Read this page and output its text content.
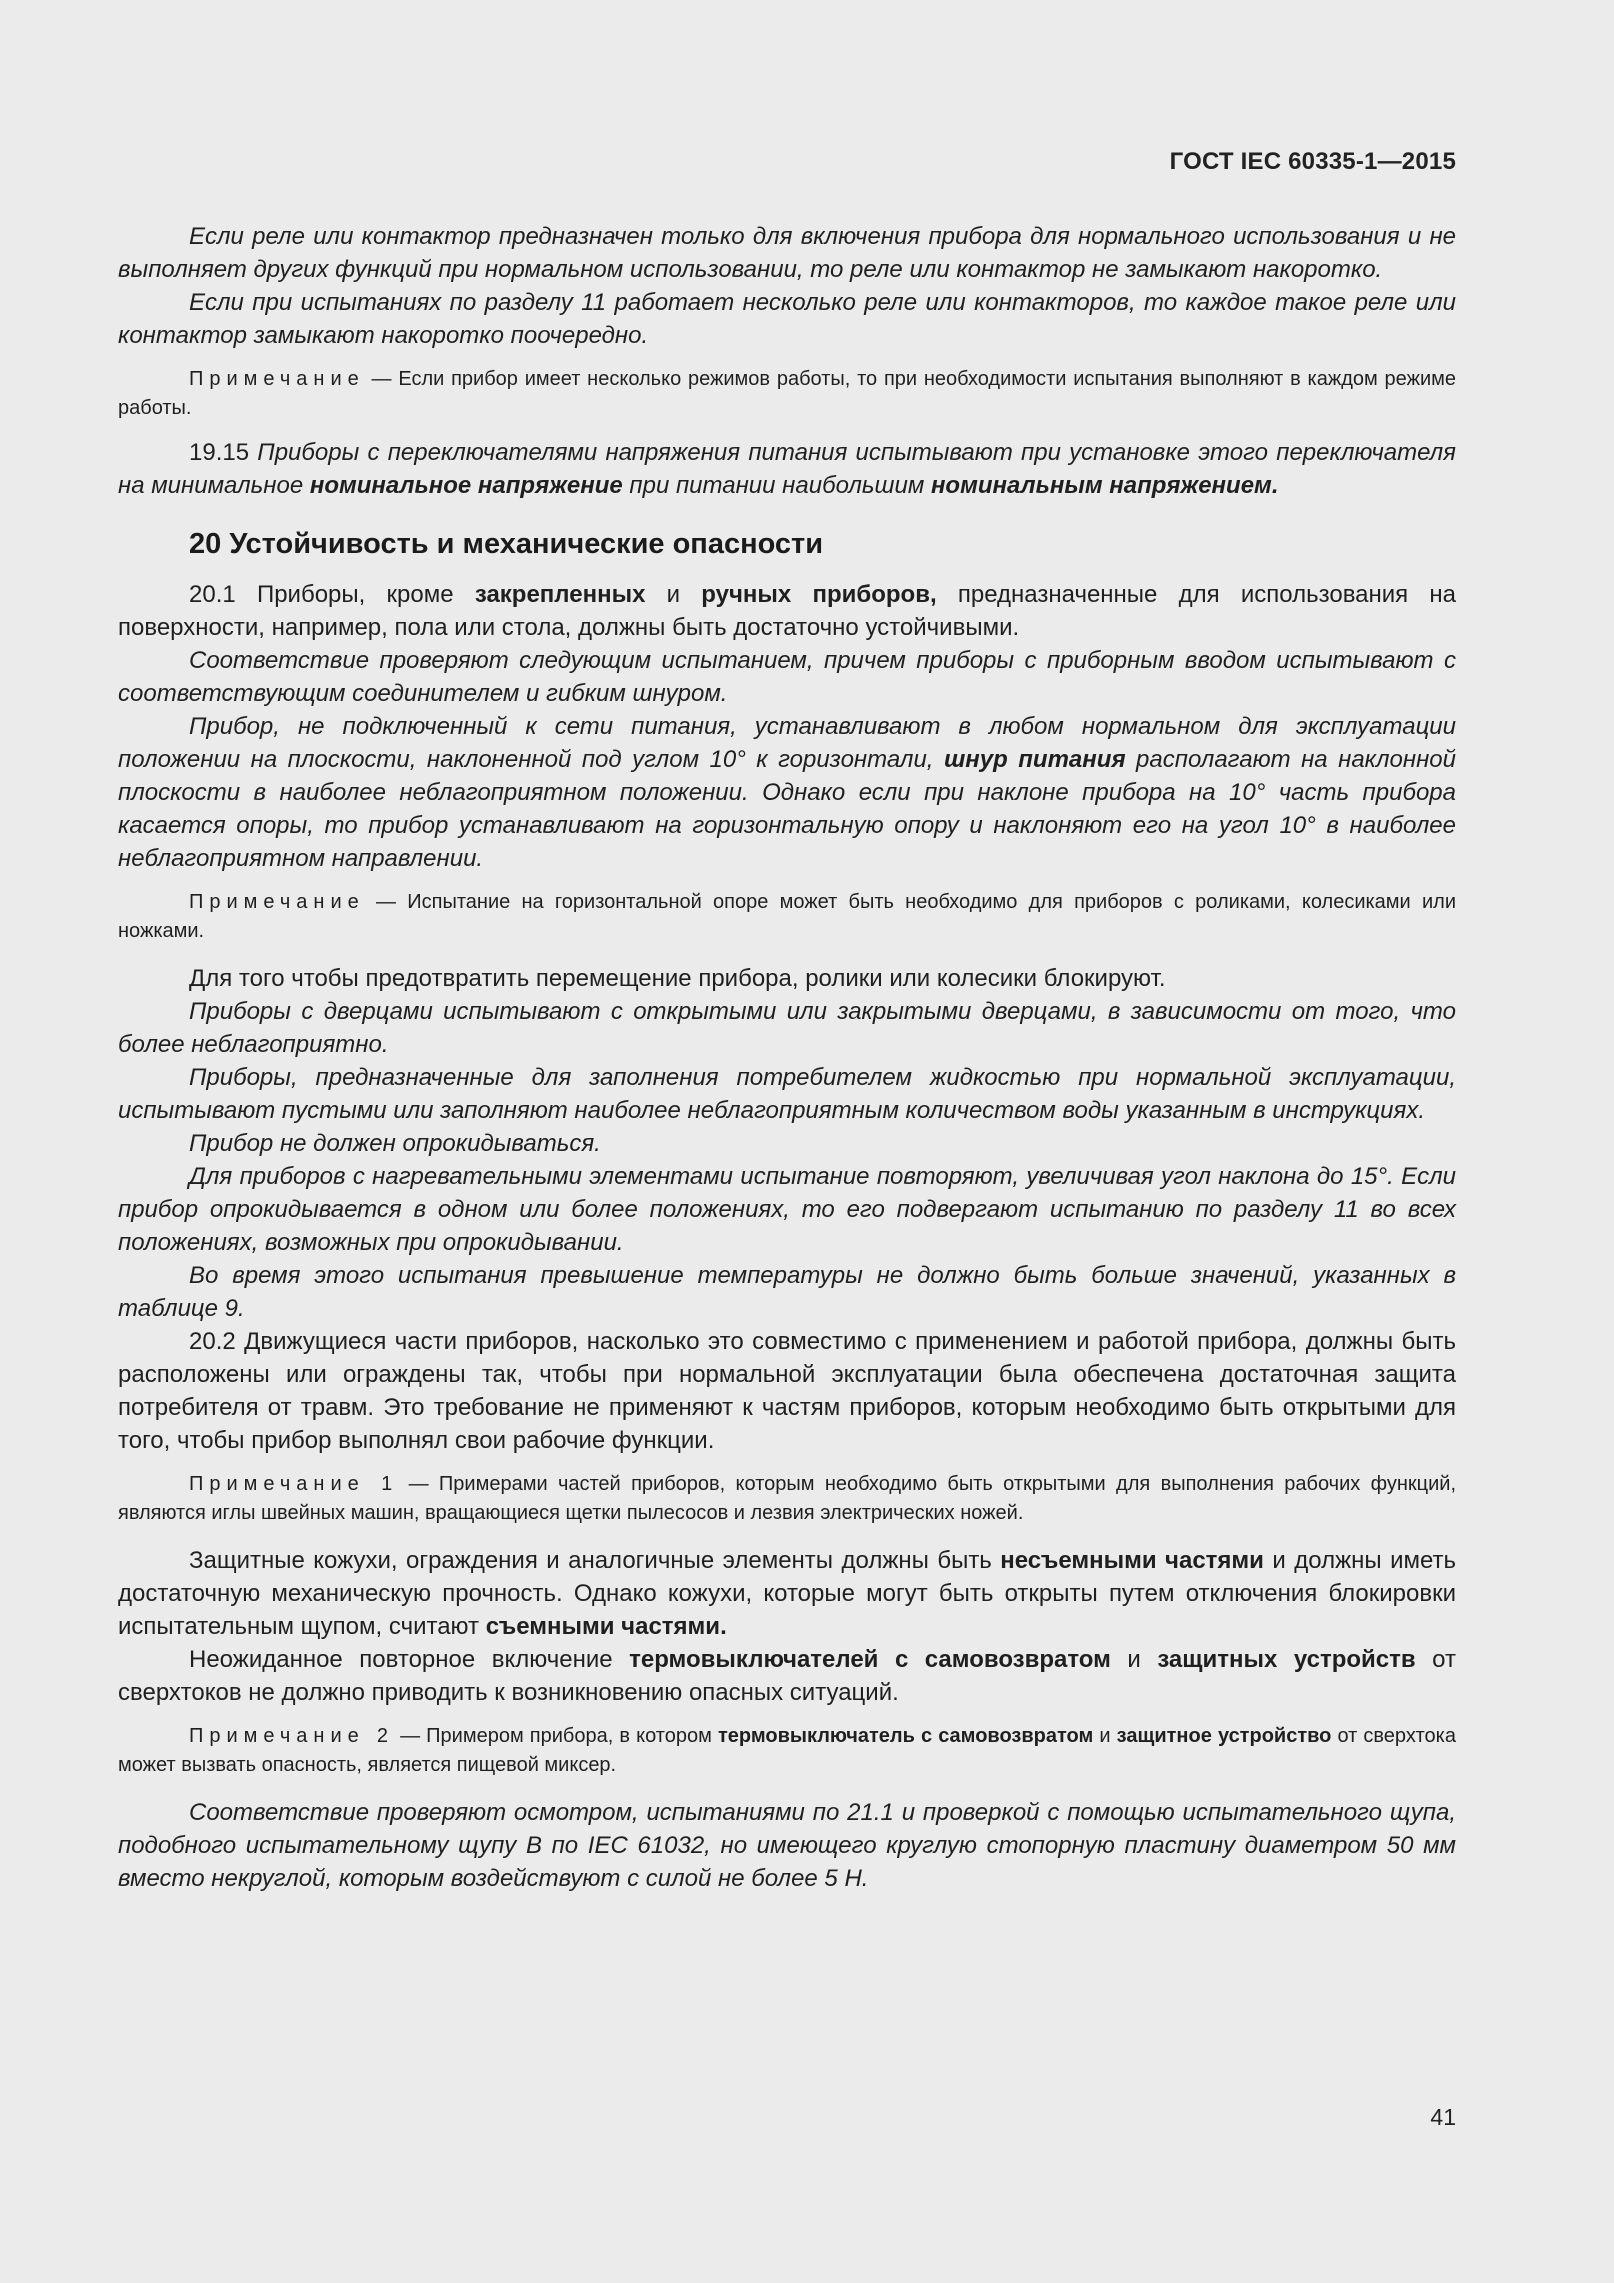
ГОСТ IEC 60335-1—2015

Если реле или контактор предназначен только для включения прибора для нормального использования и не выполняет других функций при нормальном использовании, то реле или контактор не замыкают накоротко.

Если при испытаниях по разделу 11 работает несколько реле или контакторов, то каждое такое реле или контактор замыкают накоротко поочередно.

Примечание — Если прибор имеет несколько режимов работы, то при необходимости испытания выполняют в каждом режиме работы.

19.15 Приборы с переключателями напряжения питания испытывают при установке этого переключателя на минимальное номинальное напряжение при питании наибольшим номинальным напряжением.

20 Устойчивость и механические опасности

20.1 Приборы, кроме закрепленных и ручных приборов, предназначенные для использования на поверхности, например, пола или стола, должны быть достаточно устойчивыми.

Соответствие проверяют следующим испытанием, причем приборы с приборным вводом испытывают с соответствующим соединителем и гибким шнуром.

Прибор, не подключенный к сети питания, устанавливают в любом нормальном для эксплуатации положении на плоскости, наклоненной под углом 10° к горизонтали, шнур питания располагают на наклонной плоскости в наиболее неблагоприятном положении. Однако если при наклоне прибора на 10° часть прибора касается опоры, то прибор устанавливают на горизонтальную опору и наклоняют его на угол 10° в наиболее неблагоприятном направлении.

Примечание — Испытание на горизонтальной опоре может быть необходимо для приборов с роликами, колесиками или ножками.

Для того чтобы предотвратить перемещение прибора, ролики или колесики блокируют.

Приборы с дверцами испытывают с открытыми или закрытыми дверцами, в зависимости от того, что более неблагоприятно.

Приборы, предназначенные для заполнения потребителем жидкостью при нормальной эксплуатации, испытывают пустыми или заполняют наиболее неблагоприятным количеством воды указанным в инструкциях.

Прибор не должен опрокидываться.

Для приборов с нагревательными элементами испытание повторяют, увеличивая угол наклона до 15°. Если прибор опрокидывается в одном или более положениях, то его подвергают испытанию по разделу 11 во всех положениях, возможных при опрокидывании.

Во время этого испытания превышение температуры не должно быть больше значений, указанных в таблице 9.

20.2 Движущиеся части приборов, насколько это совместимо с применением и работой прибора, должны быть расположены или ограждены так, чтобы при нормальной эксплуатации была обеспечена достаточная защита потребителя от травм. Это требование не применяют к частям приборов, которым необходимо быть открытыми для того, чтобы прибор выполнял свои рабочие функции.

Примечание 1 — Примерами частей приборов, которым необходимо быть открытыми для выполнения рабочих функций, являются иглы швейных машин, вращающиеся щетки пылесосов и лезвия электрических ножей.

Защитные кожухи, ограждения и аналогичные элементы должны быть несъемными частями и должны иметь достаточную механическую прочность. Однако кожухи, которые могут быть открыты путем отключения блокировки испытательным щупом, считают съемными частями.

Неожиданное повторное включение термовыключателей с самовозвратом и защитных устройств от сверхтоков не должно приводить к возникновению опасных ситуаций.

Примечание 2 — Примером прибора, в котором термовыключатель с самовозвратом и защитное устройство от сверхтока может вызвать опасность, является пищевой миксер.

Соответствие проверяют осмотром, испытаниями по 21.1 и проверкой с помощью испытательного щупа, подобного испытательному щупу B по IEC 61032, но имеющего круглую стопорную пластину диаметром 50 мм вместо некруглой, которым воздействуют с силой не более 5 Н.

41
